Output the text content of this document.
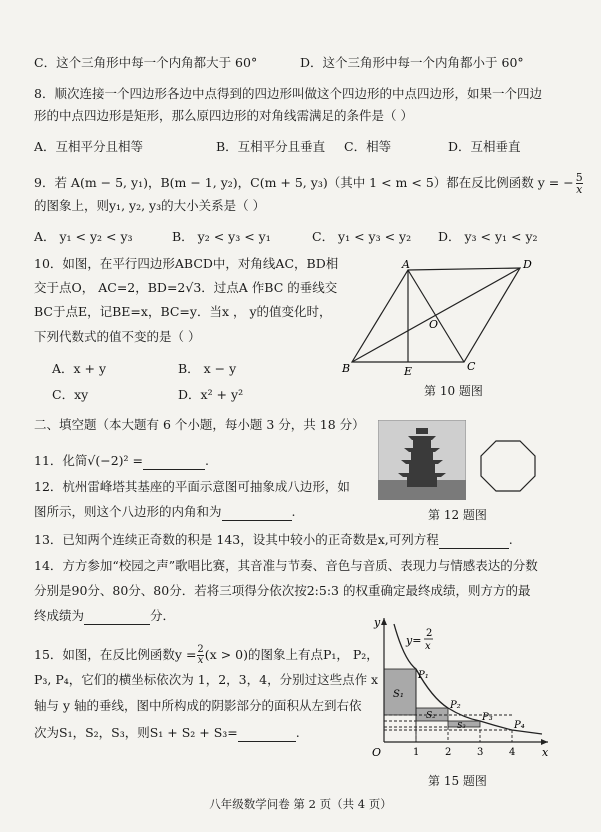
C．这个三角形中每一个内角都大于 60°	D．这个三角形中每一个内角都小于 60°
8．顺次连接一个四边形各边中点得到的四边形叫做这个四边形的中点四边形，如果一个四边
形的中点四边形是矩形，那么原四边形的对角线需满足的条件是（ ）
A．互相平分且相等	B．互相平分且垂直 C．相等	D．互相垂直
9．若 A(m − 5, y₁)，B(m − 1, y₂)，C(m + 5, y₃)（其中 1 < m < 5）都在反比例函数 y = − $\frac{5}{x}$
的图象上，则y₁, y₂, y₃的大小关系是（ ）
A． y₁ < y₂ < y₃	B． y₂ < y₃ < y₁	C． y₁ < y₃ < y₂ D． y₃ < y₁ < y₂
10．如图，在平行四边形ABCD中，对角线AC，BD相
交于点O， AC=2，BD=2√3．过点A 作BC 的垂线交
BC于点E，记BE=x，BC=y．当x ， y的值变化时，
下列代数式的值不变的是（ ）
A．x + y	B． x − y
C．xy	D．x² + y²
A	D
B	C
O
E
第 10 题图
二、填空题（本大题有 6 个小题，每小题 3 分，共 18 分）
11．化简√(−2)² =	.
12．杭州雷峰塔其基座的平面示意图可抽象成八边形，如
图所示，则这个八边形的内角和为	.	第 12 题图
13．已知两个连续正奇数的积是 143，设其中较小的正奇数是x,可列方程	.
14．方方参加“校园之声”歌唱比赛，其音准与节奏、音色与音质、表现力与情感表达的分数
分别是90分、80分、80分．若将三项得分依次按2:5:3 的权重确定最终成绩，则方方的最
终成绩为	分．
15．如图，在反比例函数$y = \frac{2}{x} (x > 0)$的图象上有点P₁， P₂，
P₃, P₄，它们的横坐标依次为 1，2，3，4，分别过这些点作 x
轴与 y 轴的垂线，图中所构成的阴影部分的面积从左到右依
次为S₁，S₂，S₃，则S₁ + S₂ + S₃=	.
y
x
O
y=
2
x
1	2	3	4
P₁
P₂
P₃
P₄
S₁
S₂
S₃
第 15 题图
八年级数学问卷 第 2 页（共 4 页）
